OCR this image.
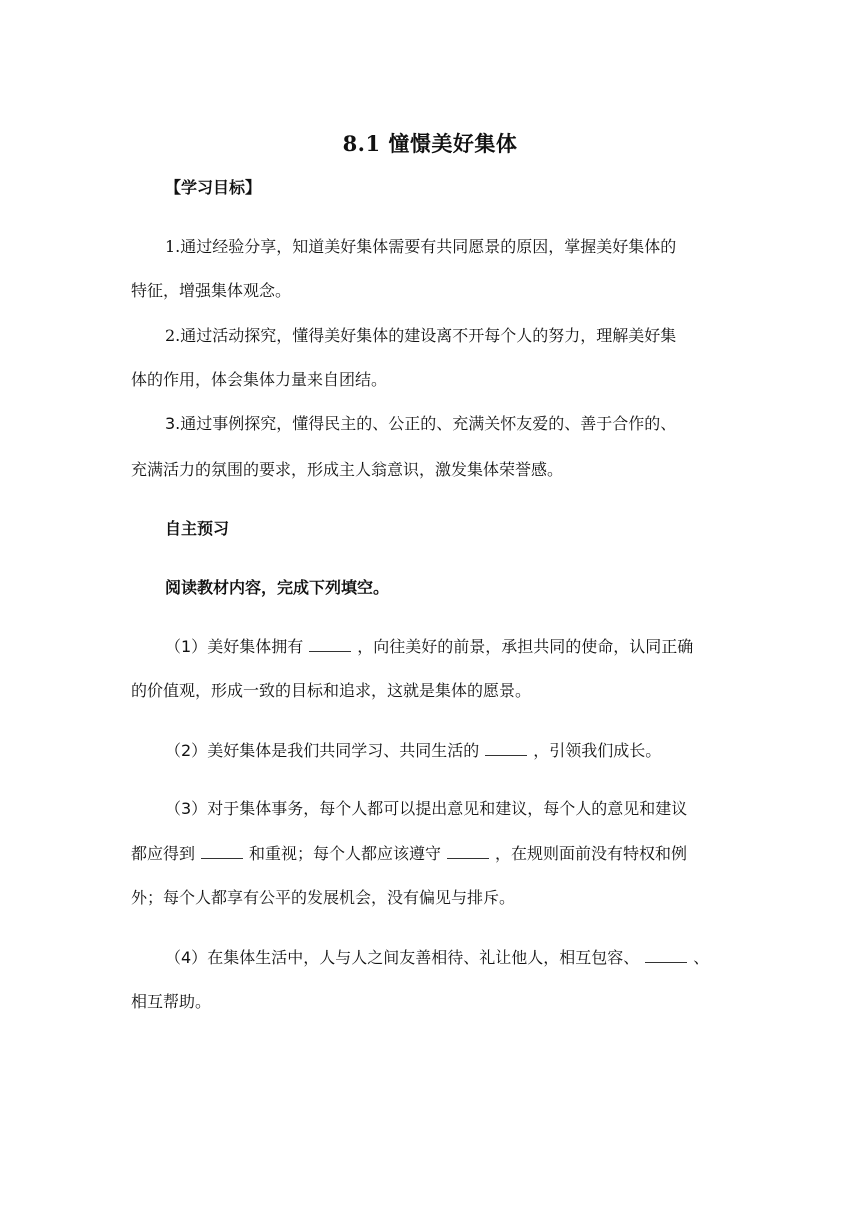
8.1 憧憬美好集体
【学习目标】
1.通过经验分享，知道美好集体需要有共同愿景的原因，掌握美好集体的
特征，增强集体观念。
2.通过活动探究，懂得美好集体的建设离不开每个人的努力，理解美好集
体的作用，体会集体力量来自团结。
3.通过事例探究，懂得民主的、公正的、充满关怀友爱的、善于合作的、
充满活力的氛围的要求，形成主人翁意识，激发集体荣誉感。
自主预习
阅读教材内容，完成下列填空。
（1）美好集体拥有	，向往美好的前景，承担共同的使命，认同正确
的价值观，形成一致的目标和追求，这就是集体的愿景。
（2）美好集体是我们共同学习、共同生活的	，引领我们成长。
（3）对于集体事务，每个人都可以提出意见和建议，每个人的意见和建议
都应得到	和重视；每个人都应该遵守	，在规则面前没有特权和例
外；每个人都享有公平的发展机会，没有偏见与排斥。
（4）在集体生活中，人与人之间友善相待、礼让他人，相互包容、	、
相互帮助。
